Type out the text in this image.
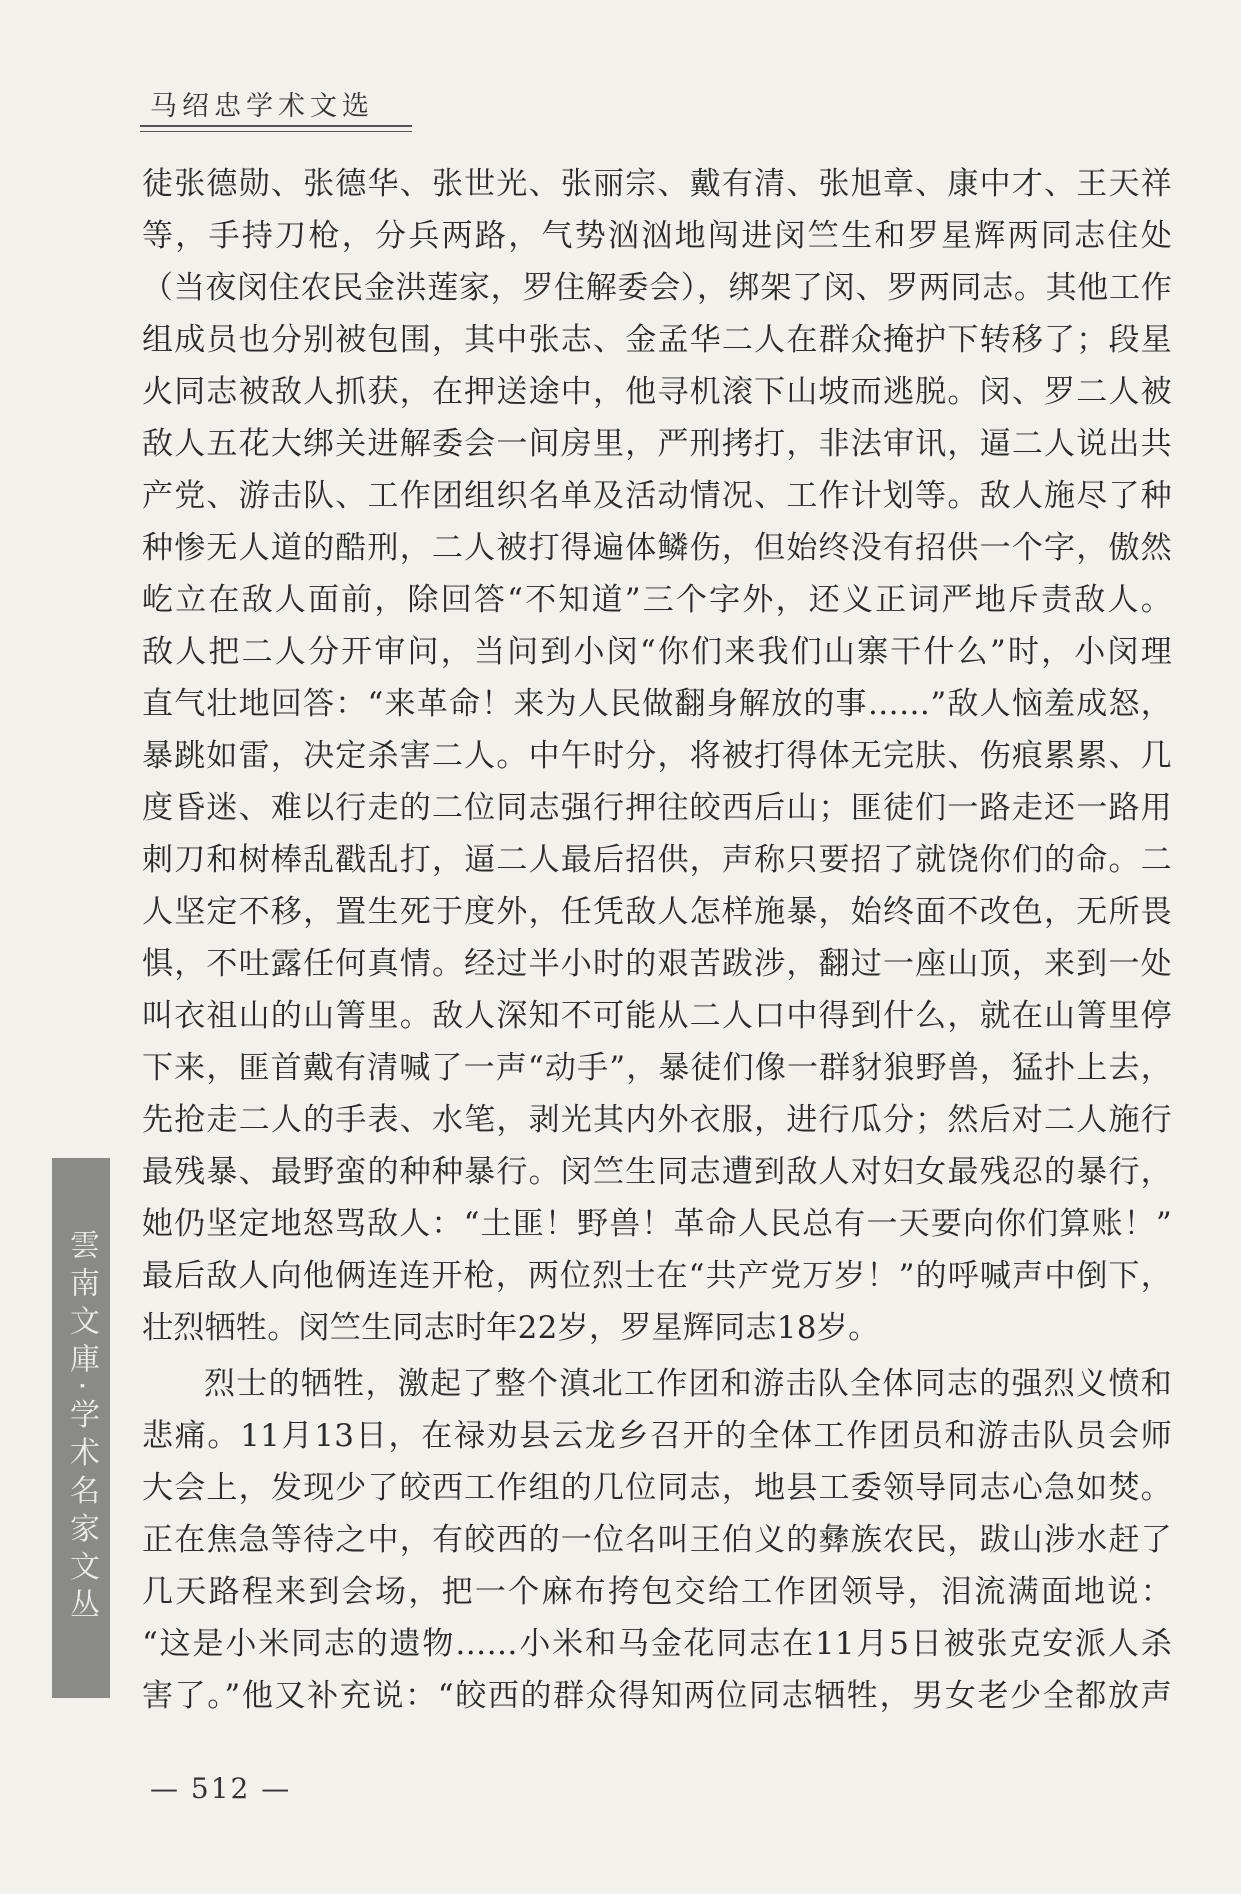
马绍忠学术文选
徒张德勋、张德华、张世光、张丽宗、戴有清、张旭章、康中才、王天祥
等，手持刀枪，分兵两路，气势汹汹地闯进闵竺生和罗星辉两同志住处
（当夜闵住农民金洪莲家，罗住解委会），绑架了闵、罗两同志。其他工作
组成员也分别被包围，其中张志、金孟华二人在群众掩护下转移了；段星
火同志被敌人抓获，在押送途中，他寻机滚下山坡而逃脱。闵、罗二人被
敌人五花大绑关进解委会一间房里，严刑拷打，非法审讯，逼二人说出共
产党、游击队、工作团组织名单及活动情况、工作计划等。敌人施尽了种
种惨无人道的酷刑，二人被打得遍体鳞伤，但始终没有招供一个字，傲然
屹立在敌人面前，除回答“不知道”三个字外，还义正词严地斥责敌人。
敌人把二人分开审问，当问到小闵“你们来我们山寨干什么”时，小闵理
直气壮地回答：“来革命！来为人民做翻身解放的事……”敌人恼羞成怒，
暴跳如雷，决定杀害二人。中午时分，将被打得体无完肤、伤痕累累、几
度昏迷、难以行走的二位同志强行押往皎西后山；匪徒们一路走还一路用
刺刀和树棒乱戳乱打，逼二人最后招供，声称只要招了就饶你们的命。二
人坚定不移，置生死于度外，任凭敌人怎样施暴，始终面不改色，无所畏
惧，不吐露任何真情。经过半小时的艰苦跋涉，翻过一座山顶，来到一处
叫衣祖山的山箐里。敌人深知不可能从二人口中得到什么，就在山箐里停
下来，匪首戴有清喊了一声“动手”，暴徒们像一群豺狼野兽，猛扑上去，
先抢走二人的手表、水笔，剥光其内外衣服，进行瓜分；然后对二人施行
最残暴、最野蛮的种种暴行。闵竺生同志遭到敌人对妇女最残忍的暴行，
她仍坚定地怒骂敌人：“土匪！野兽！革命人民总有一天要向你们算账！”
最后敌人向他俩连连开枪，两位烈士在“共产党万岁！”的呼喊声中倒下，
壮烈牺牲。闵竺生同志时年22岁，罗星辉同志18岁。
烈士的牺牲，激起了整个滇北工作团和游击队全体同志的强烈义愤和
悲痛。11月13日，在禄劝县云龙乡召开的全体工作团员和游击队员会师
大会上，发现少了皎西工作组的几位同志，地县工委领导同志心急如焚。
正在焦急等待之中，有皎西的一位名叫王伯义的彝族农民，跋山涉水赶了
几天路程来到会场，把一个麻布挎包交给工作团领导，泪流满面地说：
“这是小米同志的遗物……小米和马金花同志在11月5日被张克安派人杀
害了。”他又补充说：“皎西的群众得知两位同志牺牲，男女老少全都放声
雲南文庫·学术名家文丛
— 512 —
